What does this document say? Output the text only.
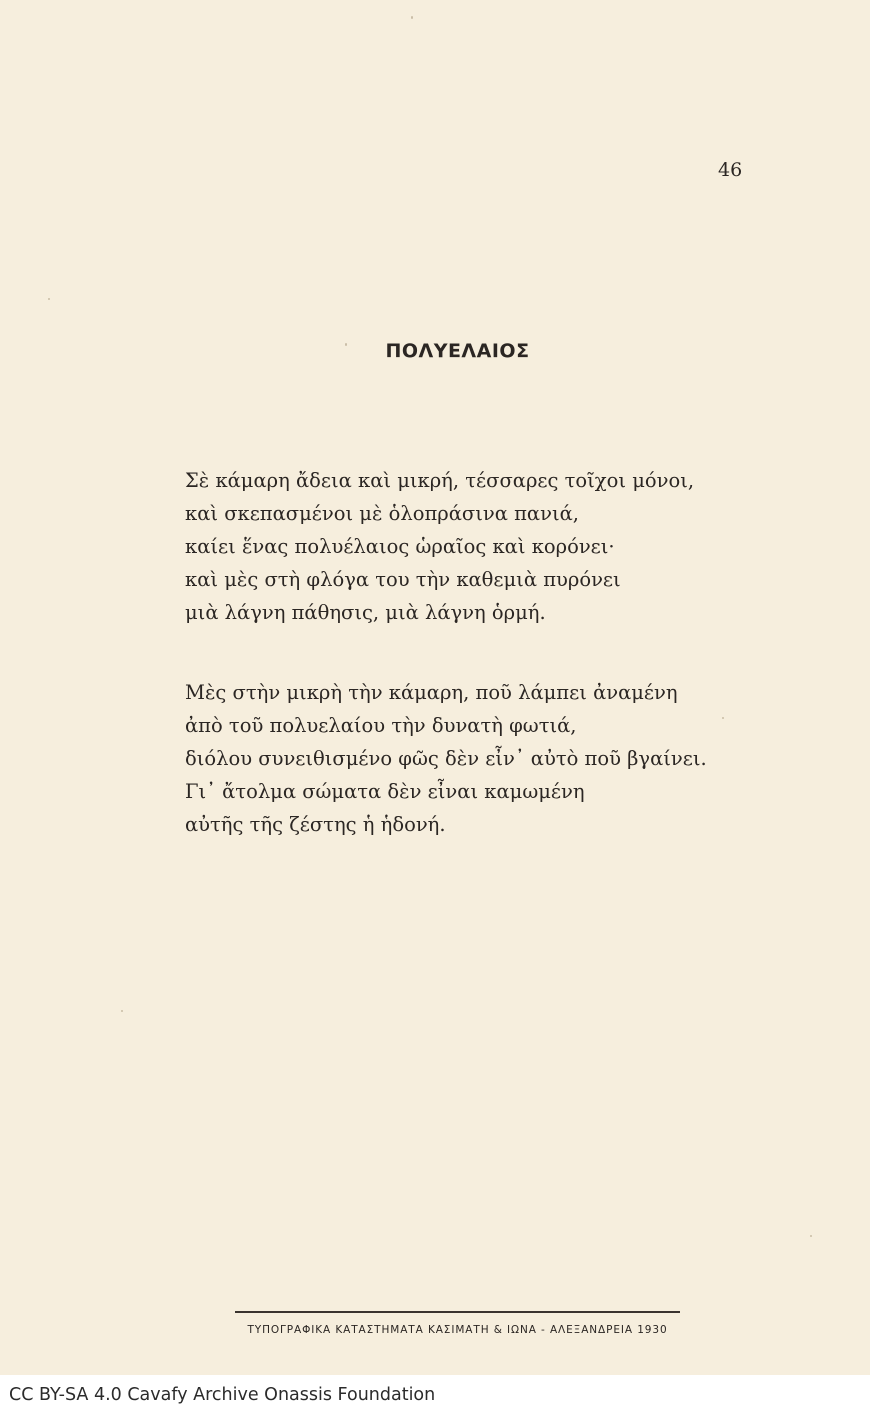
46
ΠΟΛΥΕΛΑΙΟΣ
Σὲ κάμαρη ἄδεια καὶ μικρή, τέσσαρες τοῖχοι μόνοι,
καὶ σκεπασμένοι μὲ ὁλοπράσινα πανιά,
καίει ἕνας πολυέλαιος ὡραῖος καὶ κορόνει·
καὶ μὲς στὴ φλόγα του τὴν καθεμιὰ πυρόνει
μιὰ λάγνη πάθησις, μιὰ λάγνη ὁρμή.
Μὲς στὴν μικρὴ τὴν κάμαρη, ποῦ λάμπει ἀναμένη
ἀπὸ τοῦ πολυελαίου τὴν δυνατὴ φωτιά,
διόλου συνειθισμένο φῶς δὲν εἶν᾿ αὐτὸ ποῦ βγαίνει.
Γι᾿ ἄτολμα σώματα δὲν εἶναι καμωμένη
αὐτῆς τῆς ζέστης ἡ ἡδονή.
ΤΥΠΟΓΡΑΦΙΚΑ ΚΑΤΑΣΤΗΜΑΤΑ ΚΑΣΙΜΑΤΗ & ΙΩΝΑ - ΑΛΕΞΑΝΔΡΕΙΑ 1930
CC BY-SA 4.0 Cavafy Archive Onassis Foundation
